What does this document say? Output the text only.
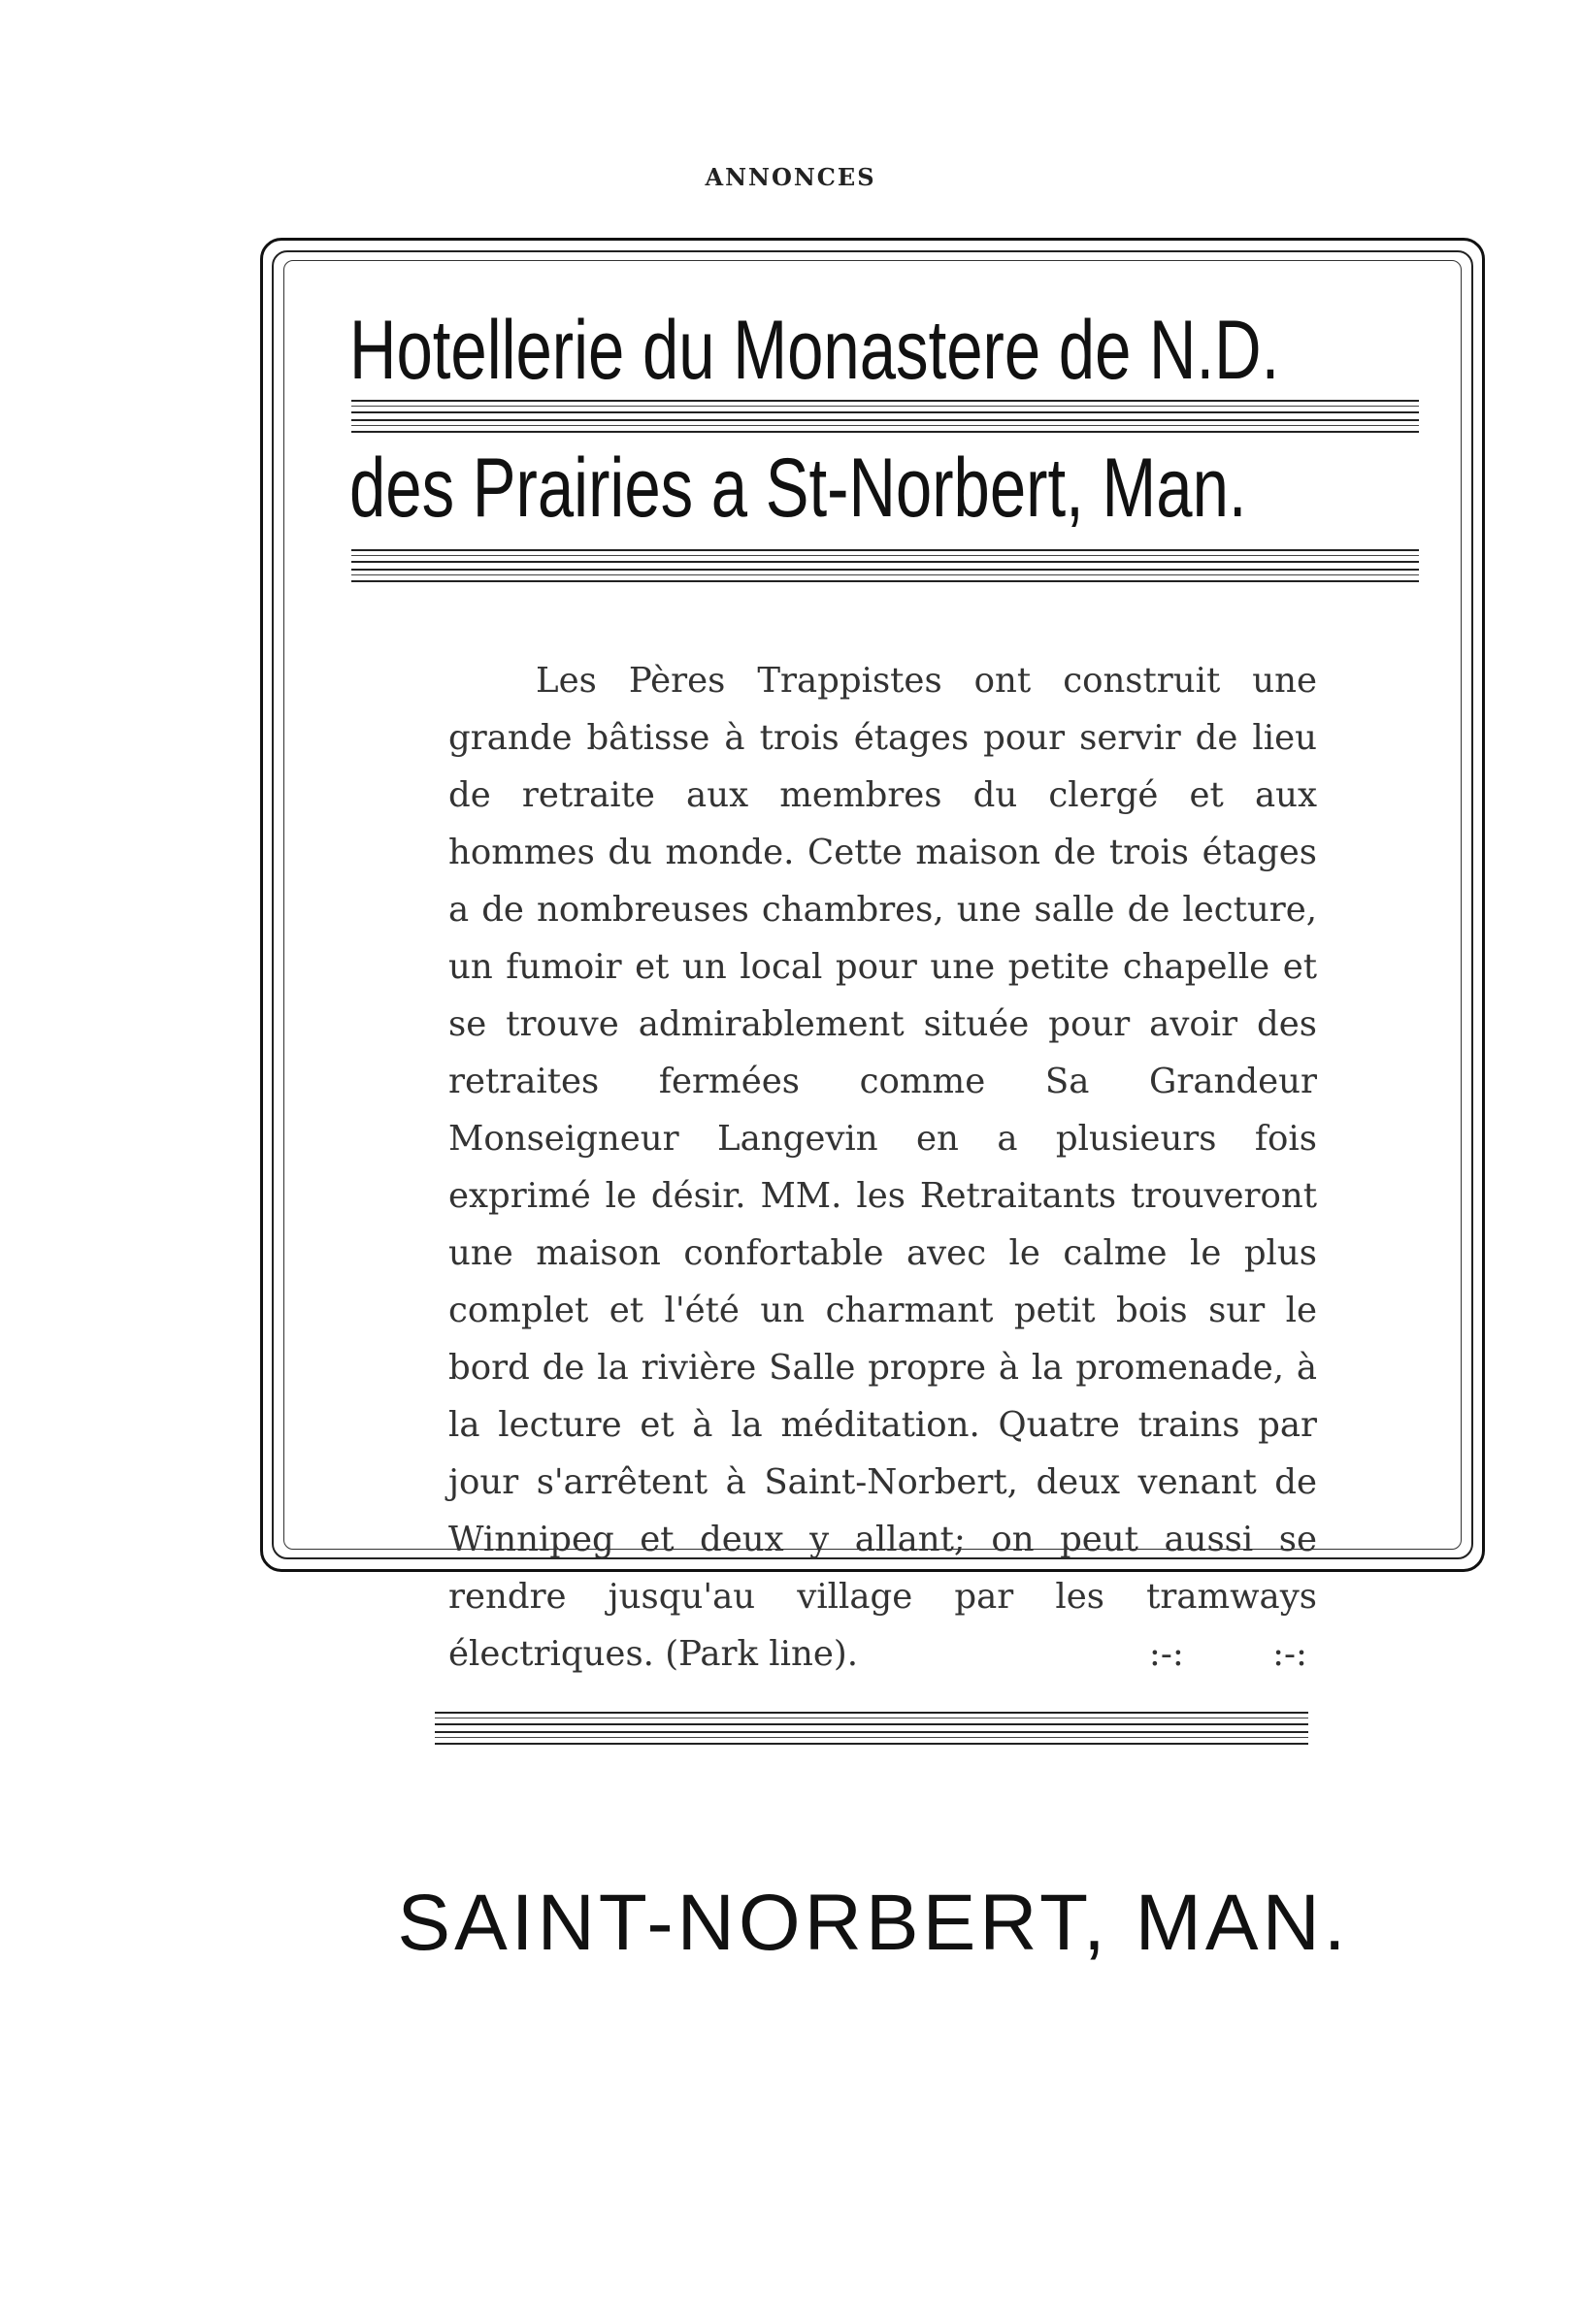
ANNONCES
Hotellerie du Monastere de N.D.
des Prairies a St-Norbert, Man.
Les Pères Trappistes ont construit une grande bâtisse à trois étages pour servir de lieu de retraite aux membres du clergé et aux hommes du monde. Cette maison de trois étages a de nombreuses chambres, une salle de lecture, un fumoir et un local pour une petite chapelle et se trouve admirablement située pour avoir des retraites fermées comme Sa Grandeur Monseigneur Langevin en a plusieurs fois exprimé le désir. MM. les Retraitants trouveront une maison confortable avec le calme le plus complet et l'été un charmant petit bois sur le bord de la rivière Salle propre à la promenade, à la lecture et à la méditation. Quatre trains par jour s'arrêtent à Saint-Norbert, deux venant de Winnipeg et deux y allant; on peut aussi se rendre jusqu'au village par les tramways électriques. (Park line).	:-: :-:
SAINT-NORBERT, MAN.
